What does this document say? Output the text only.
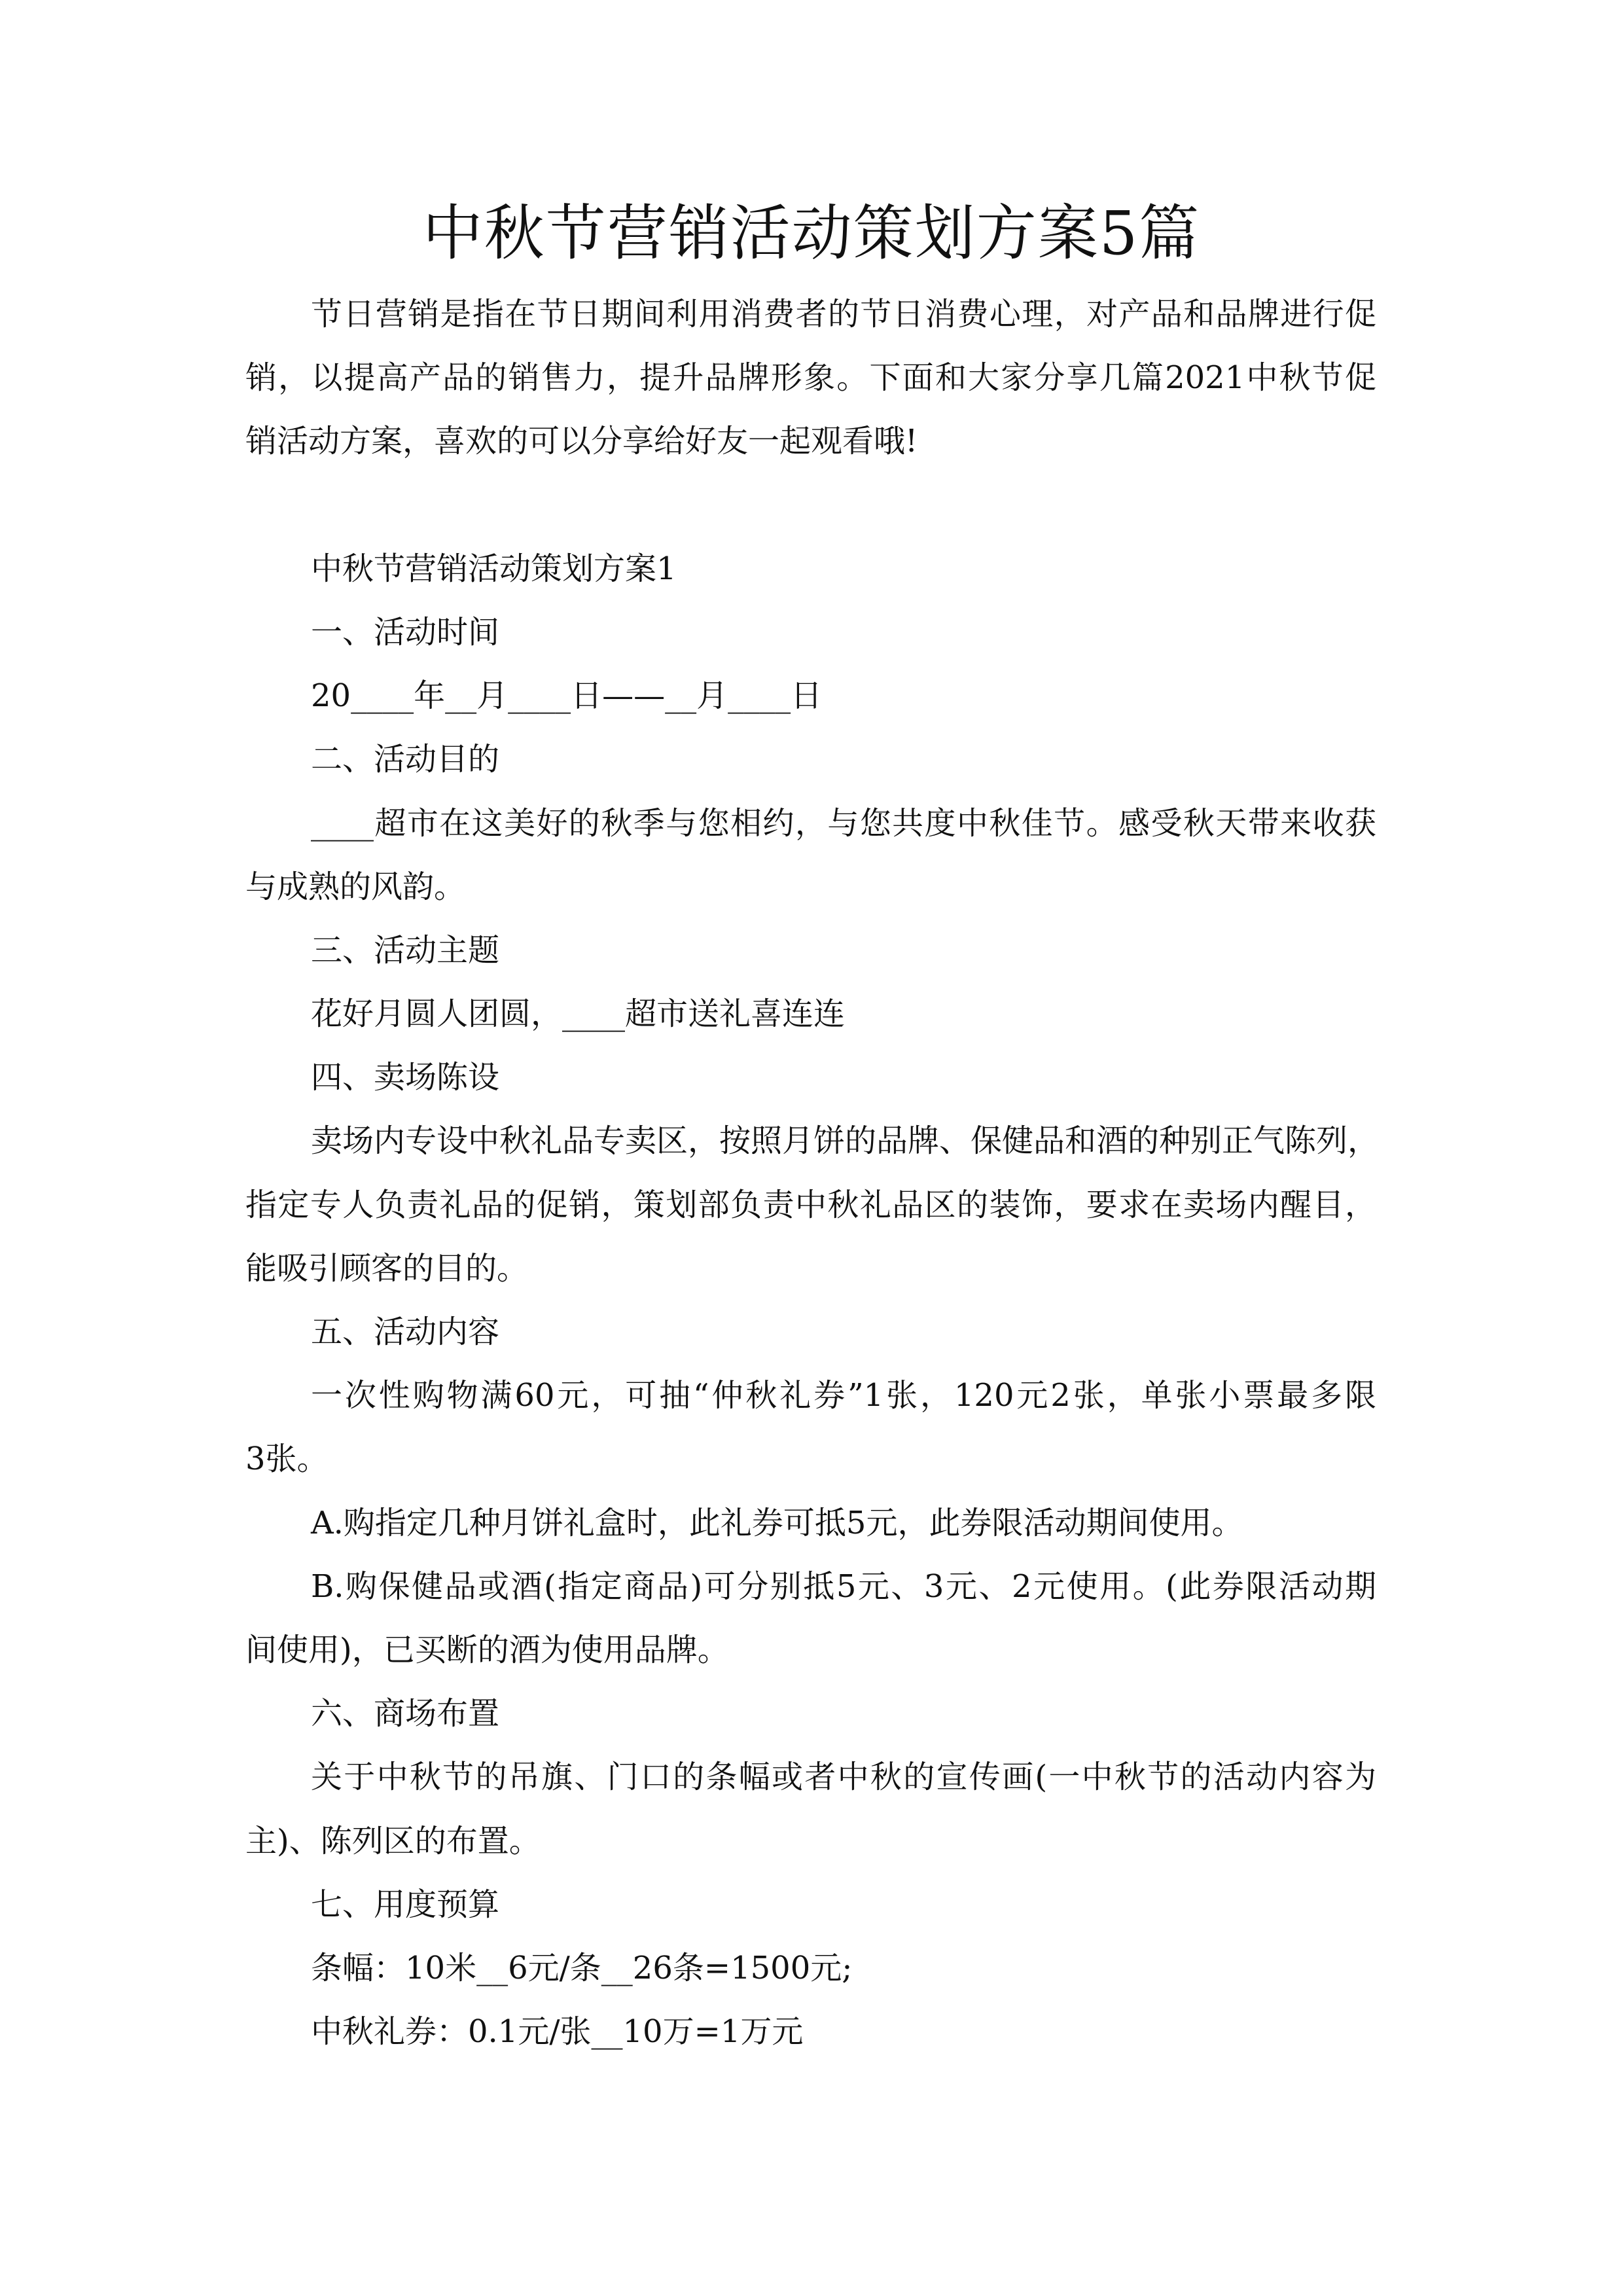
中秋节营销活动策划方案5篇
节日营销是指在节日期间利用消费者的节日消费心理，对产品和品牌进行促
销，以提高产品的销售力，提升品牌形象。下面和大家分享几篇2021中秋节促
销活动方案，喜欢的可以分享给好友一起观看哦!
中秋节营销活动策划方案1
一、活动时间
20____年__月____日——__月____日
二、活动目的
____超市在这美好的秋季与您相约，与您共度中秋佳节。感受秋天带来收获
与成熟的风韵。
三、活动主题
花好月圆人团圆，____超市送礼喜连连
四、卖场陈设
卖场内专设中秋礼品专卖区，按照月饼的品牌、保健品和酒的种别正气陈列，
指定专人负责礼品的促销，策划部负责中秋礼品区的装饰，要求在卖场内醒目，
能吸引顾客的目的。
五、活动内容
一次性购物满60元，可抽“仲秋礼券”1张，120元2张，单张小票最多限
3张。
A.购指定几种月饼礼盒时，此礼券可抵5元，此券限活动期间使用。
B.购保健品或酒(指定商品)可分别抵5元、3元、2元使用。(此券限活动期
间使用)，已买断的酒为使用品牌。
六、商场布置
关于中秋节的吊旗、门口的条幅或者中秋的宣传画(一中秋节的活动内容为
主)、陈列区的布置。
七、用度预算
条幅：10米__6元/条__26条=1500元;
中秋礼券：0.1元/张__10万=1万元
